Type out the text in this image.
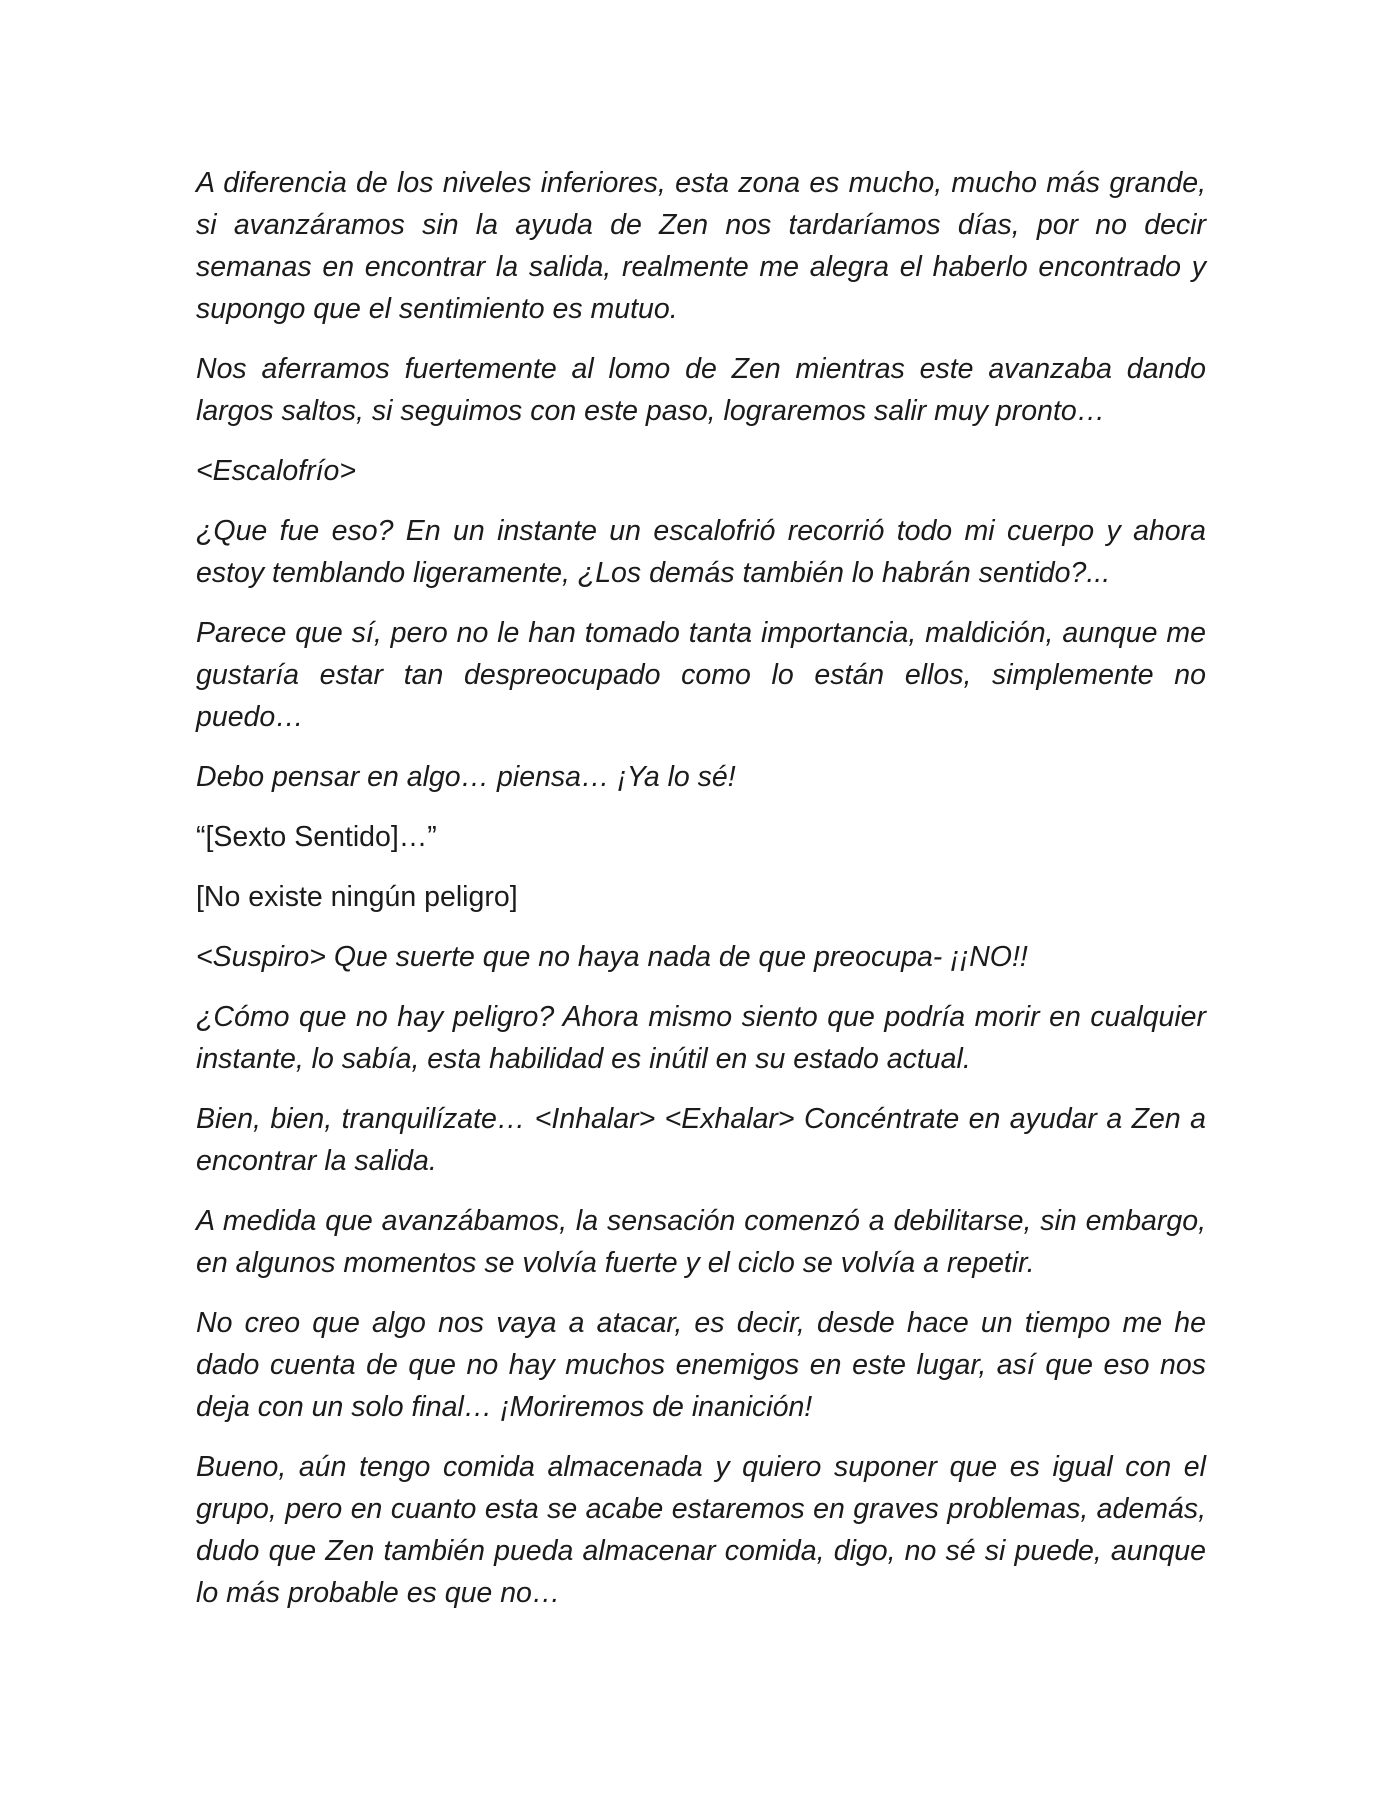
A diferencia de los niveles inferiores, esta zona es mucho, mucho más grande, si avanzáramos sin la ayuda de Zen nos tardaríamos días, por no decir semanas en encontrar la salida, realmente me alegra el haberlo encontrado y supongo que el sentimiento es mutuo.

Nos aferramos fuertemente al lomo de Zen mientras este avanzaba dando largos saltos, si seguimos con este paso, lograremos salir muy pronto…

<Escalofrío>

¿Que fue eso? En un instante un escalofrió recorrió todo mi cuerpo y ahora estoy temblando ligeramente, ¿Los demás también lo habrán sentido?...

Parece que sí, pero no le han tomado tanta importancia, maldición, aunque me gustaría estar tan despreocupado como lo están ellos, simplemente no puedo…

Debo pensar en algo… piensa… ¡Ya lo sé!

“[Sexto Sentido]…”

[No existe ningún peligro]

<Suspiro> Que suerte que no haya nada de que preocupa- ¡¡NO!!

¿Cómo que no hay peligro? Ahora mismo siento que podría morir en cualquier instante, lo sabía, esta habilidad es inútil en su estado actual.

Bien, bien, tranquilízate… <Inhalar> <Exhalar> Concéntrate en ayudar a Zen a encontrar la salida.

A medida que avanzábamos, la sensación comenzó a debilitarse, sin embargo, en algunos momentos se volvía fuerte y el ciclo se volvía a repetir.

No creo que algo nos vaya a atacar, es decir, desde hace un tiempo me he dado cuenta de que no hay muchos enemigos en este lugar, así que eso nos deja con un solo final… ¡Moriremos de inanición!

Bueno, aún tengo comida almacenada y quiero suponer que es igual con el grupo, pero en cuanto esta se acabe estaremos en graves problemas, además, dudo que Zen también pueda almacenar comida, digo, no sé si puede, aunque lo más probable es que no…
